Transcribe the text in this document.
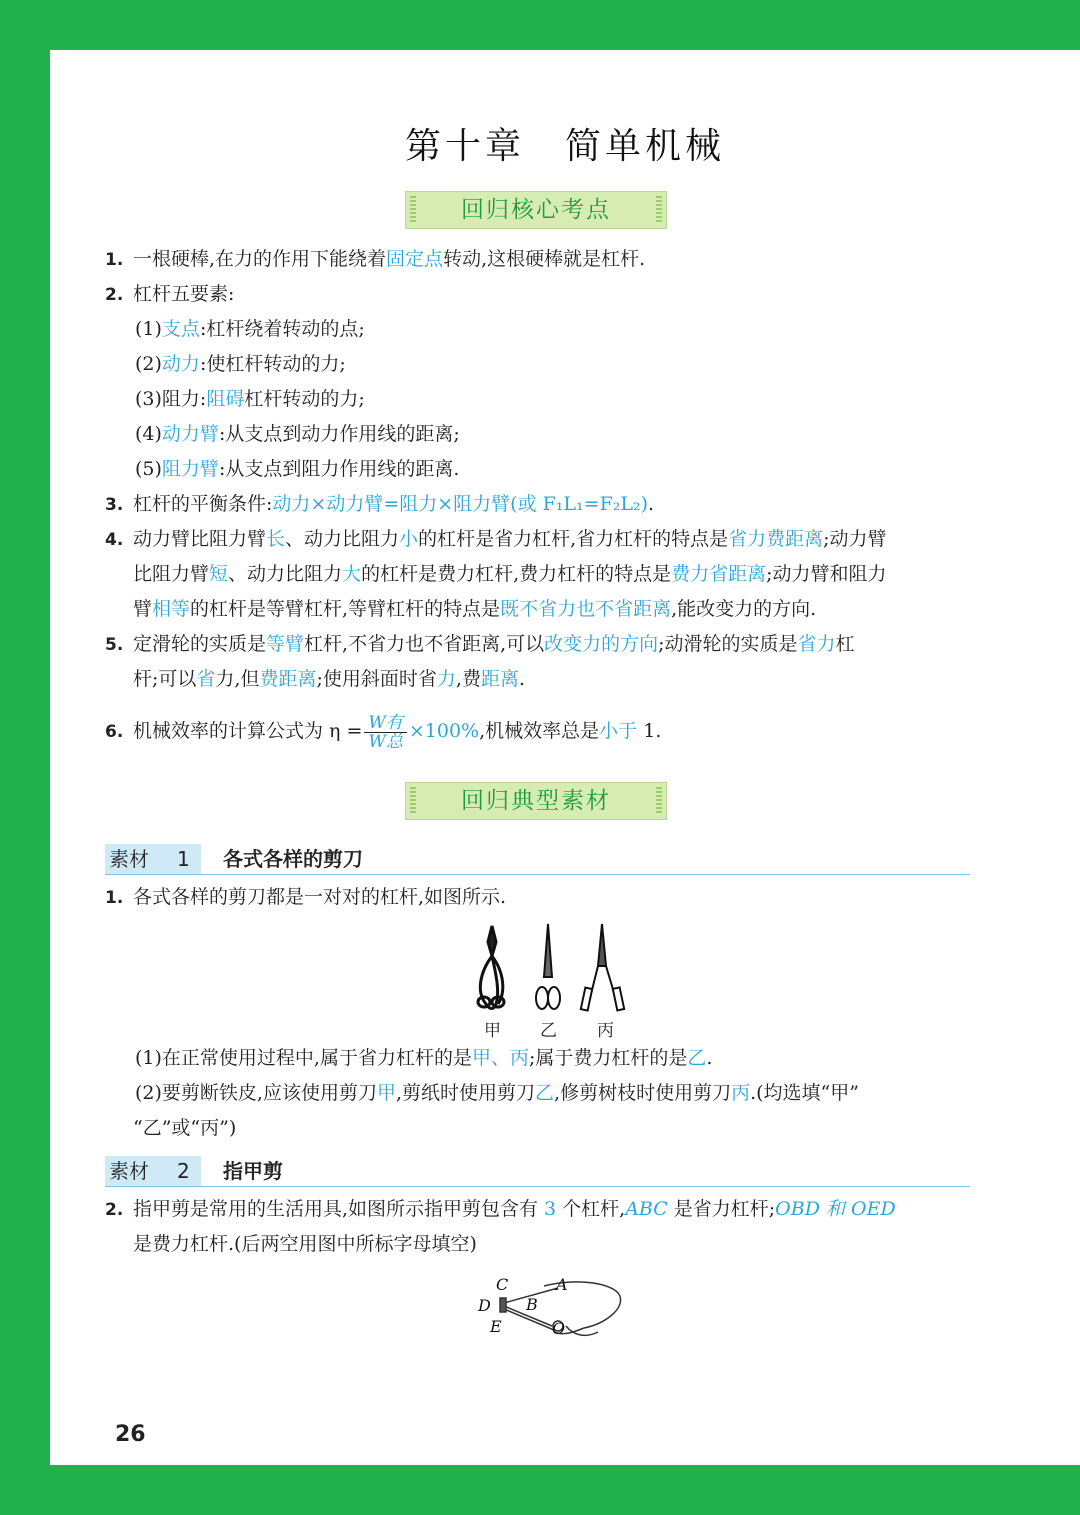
第十章　简单机械
回归核心考点
1. 一根硬棒,在力的作用下能绕着固定点转动,这根硬棒就是杠杆.
2. 杠杆五要素:
(1)支点:杠杆绕着转动的点;
(2)动力:使杠杆转动的力;
(3)阻力:阻碍杠杆转动的力;
(4)动力臂:从支点到动力作用线的距离;
(5)阻力臂:从支点到阻力作用线的距离.
3. 杠杆的平衡条件:动力×动力臂=阻力×阻力臂(或 F₁L₁=F₂L₂).
4. 动力臂比阻力臂长、动力比阻力小的杠杆是省力杠杆,省力杠杆的特点是省力费距离;动力臂
比阻力臂短、动力比阻力大的杠杆是费力杠杆,费力杠杆的特点是费力省距离;动力臂和阻力
臂相等的杠杆是等臂杠杆,等臂杠杆的特点是既不省力也不省距离,能改变力的方向.
5. 定滑轮的实质是等臂杠杆,不省力也不省距离,可以改变力的方向;动滑轮的实质是省力杠
杆;可以省力,但费距离;使用斜面时省力,费距离.
6. 机械效率的计算公式为 $\eta = \frac{\text{W有}}{\text{W总}} \times 100\%$,机械效率总是小于 1.
回归典型素材
素材 1 各式各样的剪刀
1. 各式各样的剪刀都是一对对的杠杆,如图所示.
甲 乙 丙
(1)在正常使用过程中,属于省力杠杆的是甲、丙;属于费力杠杆的是乙.
(2)要剪断铁皮,应该使用剪刀甲,剪纸时使用剪刀乙,修剪树枝时使用剪刀丙.(均选填“甲”
“乙”或“丙”)
素材 2 指甲剪
2. 指甲剪是常用的生活用具,如图所示指甲剪包含有 3 个杠杆,ABC 是省力杠杆;OBD 和 OED
是费力杠杆.(后两空用图中所标字母填空)
C	A
D B
E	O
26
